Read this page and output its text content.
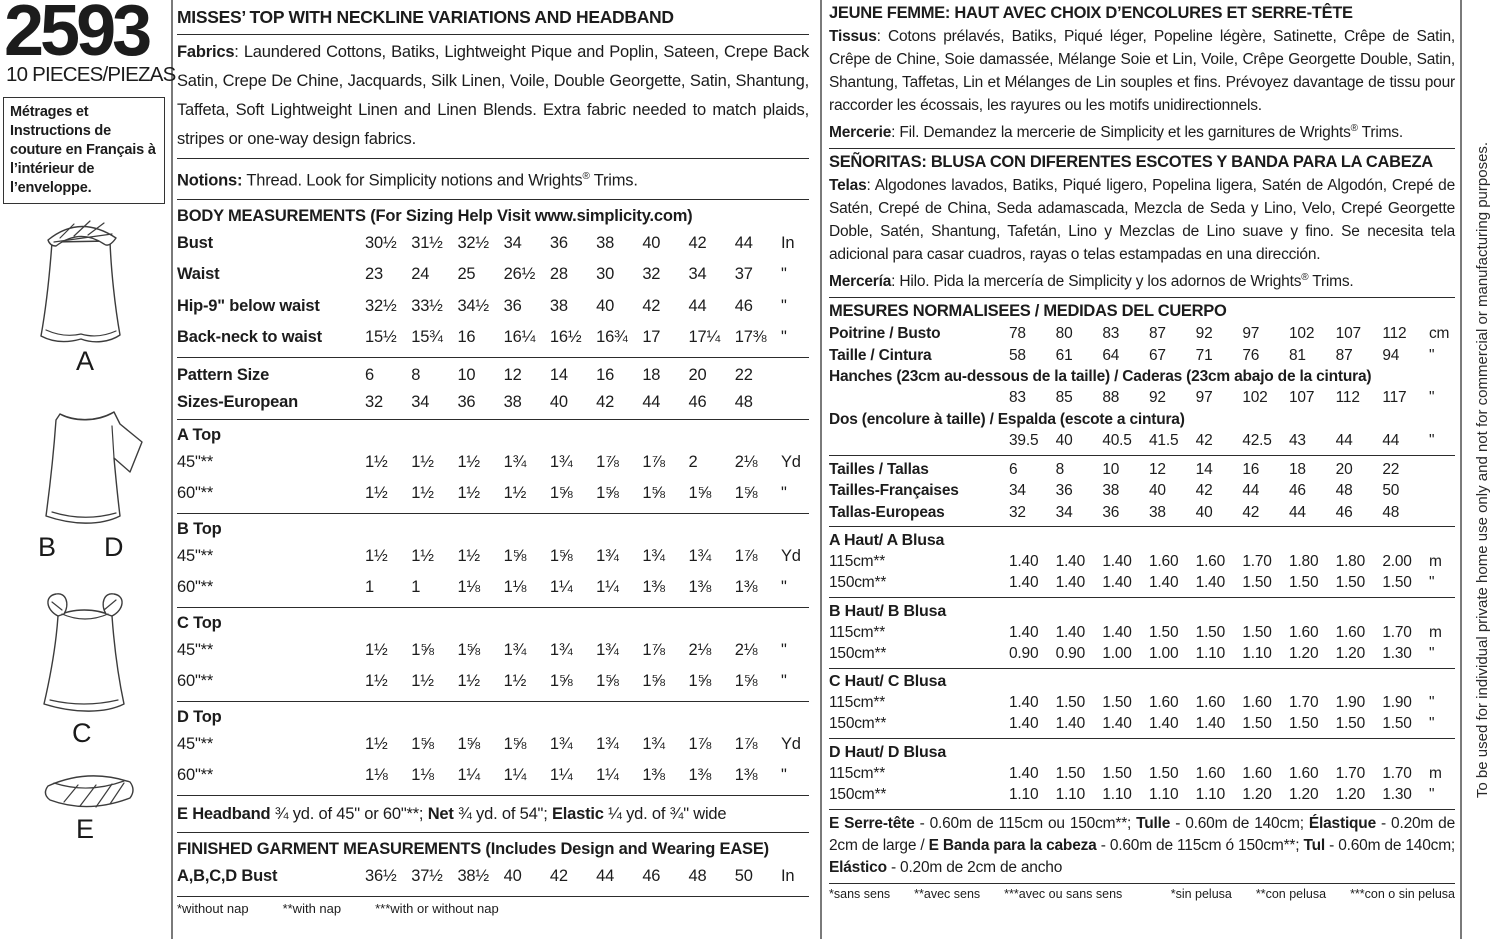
2593
10 PIECES/PIEZAS
Métrages et Instructions de couture en Français à l’intérieur de l’enveloppe.
A
B D
C
E
MISSES’ TOP WITH NECKLINE VARIATIONS AND HEADBAND
Fabrics: Laundered Cottons, Batiks, Lightweight Pique and Poplin, Sateen, Crepe Back Satin, Crepe De Chine, Jacquards, Silk Linen, Voile, Double Georgette, Satin, Shantung, Taffeta, Soft Lightweight Linen and Linen Blends. Extra fabric needed to match plaids, stripes or one-way design fabrics.
Notions: Thread. Look for Simplicity notions and Wrights® Trims.
BODY MEASUREMENTS (For Sizing Help Visit www.simplicity.com)
Bust	30½ 31½ 32½ 34	36	38	40	42	44	In
Waist	23	24	25	26½ 28	30	32	34	37	"
Hip-9" below waist	32½ 33½ 34½ 36	38	40	42	44	46	"
Back-neck to waist	15½ 15¾ 16	16¼ 16½ 16¾ 17	17¼ 17⅜ "
Pattern Size	6	8	10	12	14	16	18	20	22
Sizes-European	32	34	36	38	40	42	44	46	48
A Top
45"**	1½	1½	1½	1¾	1¾	1⅞	1⅞	2	2⅛	Yd
60"**	1½	1½	1½	1½	1⅝	1⅝	1⅝	1⅝	1⅝	"
B Top
45"**	1½	1½	1½	1⅝	1⅝	1¾	1¾	1¾	1⅞	Yd
60"**	1	1	1⅛	1⅛	1¼	1¼	1⅜	1⅜	1⅜	"
C Top
45"**	1½	1⅝	1⅝	1¾	1¾	1¾	1⅞	2⅛	2⅛	"
60"**	1½	1½	1½	1½	1⅝	1⅝	1⅝	1⅝	1⅝	"
D Top
45"**	1½	1⅝	1⅝	1⅝	1¾	1¾	1¾	1⅞	1⅞	Yd
60"**	1⅛	1⅛	1¼	1¼	1¼	1¼	1⅜	1⅜	1⅜	"
E Headband ¾ yd. of 45" or 60"**; Net ¾ yd. of 54"; Elastic ¼ yd. of ¾" wide
FINISHED GARMENT MEASUREMENTS (Includes Design and Wearing EASE)
A,B,C,D Bust	36½ 37½ 38½ 40	42	44	46	48	50	In
*without nap	**with nap	***with or without nap
JEUNE FEMME: HAUT AVEC CHOIX D’ENCOLURES ET SERRE-TÊTE
Tissus: Cotons prélavés, Batiks, Piqué léger, Popeline légère, Satinette, Crêpe de Satin, Crêpe de Chine, Soie damassée, Mélange Soie et Lin, Voile, Crêpe Georgette Double, Satin, Shantung, Taffetas, Lin et Mélanges de Lin souples et fins. Prévoyez davantage de tissu pour raccorder les écossais, les rayures ou les motifs unidirectionnels.
Mercerie: Fil. Demandez la mercerie de Simplicity et les garnitures de Wrights® Trims.
SEÑORITAS: BLUSA CON DIFERENTES ESCOTES Y BANDA PARA LA CABEZA
Telas: Algodones lavados, Batiks, Piqué ligero, Popelina ligera, Satén de Algodón, Crepé de Satén, Crepé de China, Seda adamascada, Mezcla de Seda y Lino, Velo, Crepé Georgette Doble, Satén, Shantung, Tafetán, Lino y Mezclas de Lino suave y fino. Se necesita tela adicional para casar cuadros, rayas o telas estampadas en una dirección.
Mercería: Hilo. Pida la mercería de Simplicity y los adornos de Wrights® Trims.
MESURES NORMALISEES / MEDIDAS DEL CUERPO
Poitrine / Busto	78	80	83	87	92	97	102	107	112	cm
Taille / Cintura	58	61	64	67	71	76	81	87	94	"
Hanches (23cm au-dessous de la taille) / Caderas (23cm abajo de la cintura)
83	85	88	92	97	102	107	112	117	"
Dos (encolure à taille) / Espalda (escote a cintura)
39.5	40	40.5	41.5	42	42.5	43	44	44	"
Tailles / Tallas	6	8	10	12	14	16	18	20	22
Tailles-Françaises	34	36	38	40	42	44	46	48	50
Tallas-Europeas	32	34	36	38	40	42	44	46	48
A Haut/ A Blusa
115cm**	1.40	1.40	1.40	1.60	1.60	1.70	1.80	1.80	2.00	m
150cm**	1.40	1.40	1.40	1.40	1.40	1.50	1.50	1.50	1.50	"
B Haut/ B Blusa
115cm**	1.40	1.40	1.40	1.50	1.50	1.50	1.60	1.60	1.70	m
150cm**	0.90	0.90	1.00	1.00	1.10	1.10	1.20	1.20	1.30	"
C Haut/ C Blusa
115cm**	1.40	1.50	1.50	1.60	1.60	1.60	1.70	1.90	1.90	"
150cm**	1.40	1.40	1.40	1.40	1.40	1.50	1.50	1.50	1.50	"
D Haut/ D Blusa
115cm**	1.40	1.50	1.50	1.50	1.60	1.60	1.60	1.70	1.70	m
150cm**	1.10	1.10	1.10	1.10	1.10	1.20	1.20	1.20	1.30	"
E Serre-tête - 0.60m de 115cm ou 150cm**; Tulle - 0.60m de 140cm; Élastique - 0.20m de 2cm de large / E Banda para la cabeza - 0.60m de 115cm ó 150cm**; Tul - 0.60m de 140cm; Elástico - 0.20m de 2cm de ancho
*sans sens **avec sens ***avec ou sans sens	*sin pelusa **con pelusa ***con o sin pelusa
To be used for individual private home use only and not for commercial or manufacturing purposes.
